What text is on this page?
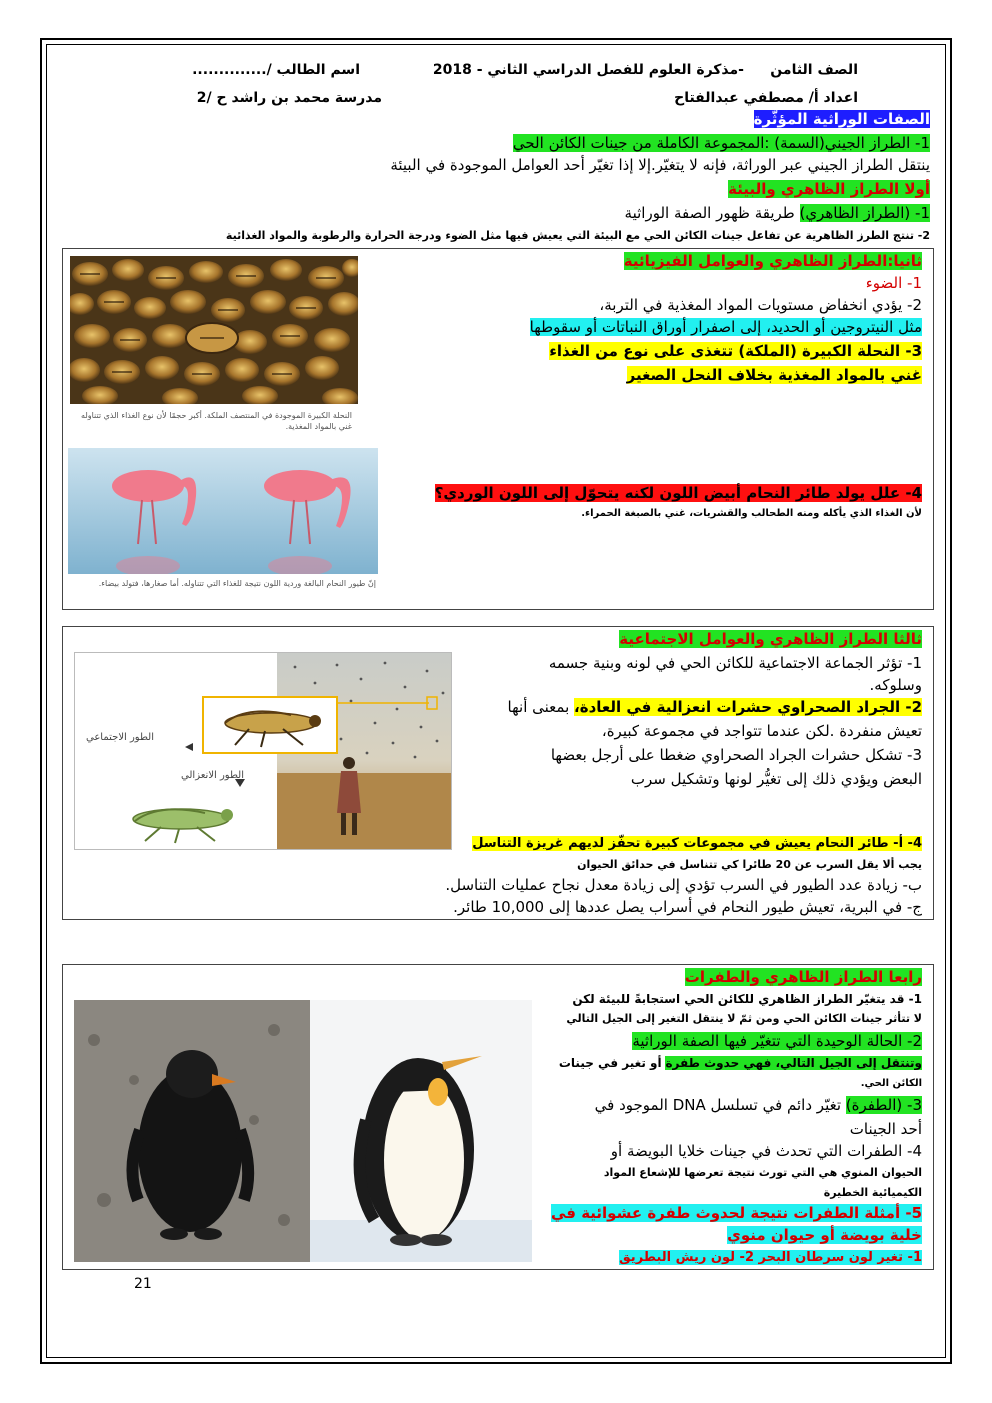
الصف الثامن
-مذكرة العلوم للفصل الدراسي الثاني - 2018
اسم الطالب /..............
اعداد أ/ مصطفي عبدالفتاح
مدرسة محمد بن راشد ح /2
الصفات الوراثية المؤثّرة
1- الطراز الجيني(السمة) :المجموعة الكاملة من جينات الكائن الحي
ينتقل الطراز الجيني عبر الوراثة، فإنه لا يتغيّر.إلا إذا تغيّر أحد العوامل الموجودة في البيئة
أولا الطراز الظاهري والبيئة
1- (الطراز الظاهري) طريقة ظهور الصفة الوراثية
2- تنتج الطرز الظاهرية عن تفاعل جينات الكائن الحي مع البيئة التي يعيش فيها مثل الضوء ودرجة الحرارة والرطوبة والمواد الغذائية
النحلة الكبيرة الموجودة في المنتصف الملكة. أكبر حجمًا لأن نوع الغذاء الذي تتناوله غني بالمواد المغذية.
إنّ طيور النحام البالغة وردية اللون نتيجة للغذاء التي تتناوله. أما صغارها، فتولد بيضاء.
ثانيا:الطراز الظاهري والعوامل الفيزيائية
1- الضوء
2- يؤدي انخفاض مستويات المواد المغذية في التربة،
مثل النيتروجين أو الحديد، إلى اصفرار أوراق النباتات أو سقوطها
3- النحلة الكبيرة (الملكة) تتغذى على نوع من الغذاء
غني بالمواد المغذية بخلاف النحل الصغير
4- علل يولد طائر النحام أبيض اللون لكنه يتحوّل إلى اللون الوردي؟
لأن الغذاء الذي يأكله ومنه الطحالب والقشريات، غني بالصبغة الحمراء.
الطور الاجتماعي
الطور الانعزالي
ثالثا الطراز الظاهري والعوامل الاجتماعية
1- تؤثر الجماعة الاجتماعية للكائن الحي في لونه وبنية جسمه
وسلوكه.
2- الجراد الصحراوي حشرات انعزالية في العادة، بمعنى أنها
تعيش منفردة .لكن عندما تتواجد في مجموعة كبيرة،
3- تشكل حشرات الجراد الصحراوي ضغطا على أرجل بعضها
البعض ويؤدي ذلك إلى تغيُّر لونها وتشكيل سرب
4- أ- طائر النحام يعيش في مجموعات كبيرة تحفّز لديهم غريزة التناسل
يجب ألا يقل السرب عن 20 طائرا كي تتناسل في حدائق الحيوان
ب- زيادة عدد الطيور في السرب تؤدي إلى زيادة معدل نجاح عمليات التناسل.
ج- في البرية، تعيش طيور النحام في أسراب يصل عددها إلى 10,000 طائر.
رابعا الطراز الظاهري والطفرات
1- قد يتغيّر الطراز الظاهري للكائن الحي استجابةً للبيئة لكن
لا تتأثر جينات الكائن الحي ومن ثمّ لا ينتقل التغير إلى الجيل التالي
2- الحالة الوحيدة التي تتغيّر فيها الصفة الوراثية
وتنتقل إلى الجيل التالي، فهي حدوث طفرة أو تغير في جينات
الكائن الحي.
3- (الطفرة) تغيّر دائم في تسلسل DNA الموجود في
أحد الجينات
4- الطفرات التي تحدث في جينات خلايا البويضة أو
الحيوان المنوي هي التي تورث نتيجة تعرضها للإشعاع المواد
الكيميائية الخطيرة
5- أمثلة الطفرات نتيجة لحدوث طفرة عشوائية في
خلية بويضة أو حيوان منوي
1- تغير لون سرطان البحر 2- لون ريش البطريق
21
